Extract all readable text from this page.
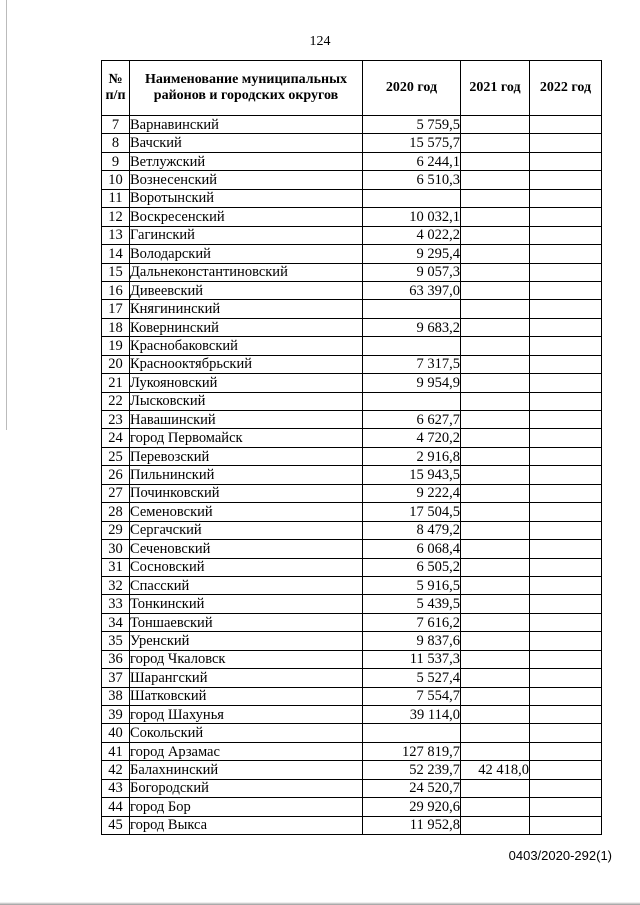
124
№ п/п	Наименование муниципальных районов и городских округов	2020 год	2021 год	2022 год
7	Варнавинский	5 759,5		
8	Вачский	15 575,7		
9	Ветлужский	6 244,1		
10	Вознесенский	6 510,3		
11	Воротынский			
12	Воскресенский	10 032,1		
13	Гагинский	4 022,2		
14	Володарский	9 295,4		
15	Дальнеконстантиновский	9 057,3		
16	Дивеевский	63 397,0		
17	Княгининский			
18	Ковернинский	9 683,2		
19	Краснобаковский			
20	Краснооктябрьский	7 317,5		
21	Лукояновский	9 954,9		
22	Лысковский			
23	Навашинский	6 627,7		
24	город Первомайск	4 720,2		
25	Перевозский	2 916,8		
26	Пильнинский	15 943,5		
27	Починковский	9 222,4		
28	Семеновский	17 504,5		
29	Сергачский	8 479,2		
30	Сеченовский	6 068,4		
31	Сосновский	6 505,2		
32	Спасский	5 916,5		
33	Тонкинский	5 439,5		
34	Тоншаевский	7 616,2		
35	Уренский	9 837,6		
36	город Чкаловск	11 537,3		
37	Шарангский	5 527,4		
38	Шатковский	7 554,7		
39	город Шахунья	39 114,0		
40	Сокольский			
41	город Арзамас	127 819,7		
42	Балахнинский	52 239,7	42 418,0	
43	Богородский	24 520,7		
44	город Бор	29 920,6		
45	город Выкса	11 952,8		
0403/2020-292(1)
